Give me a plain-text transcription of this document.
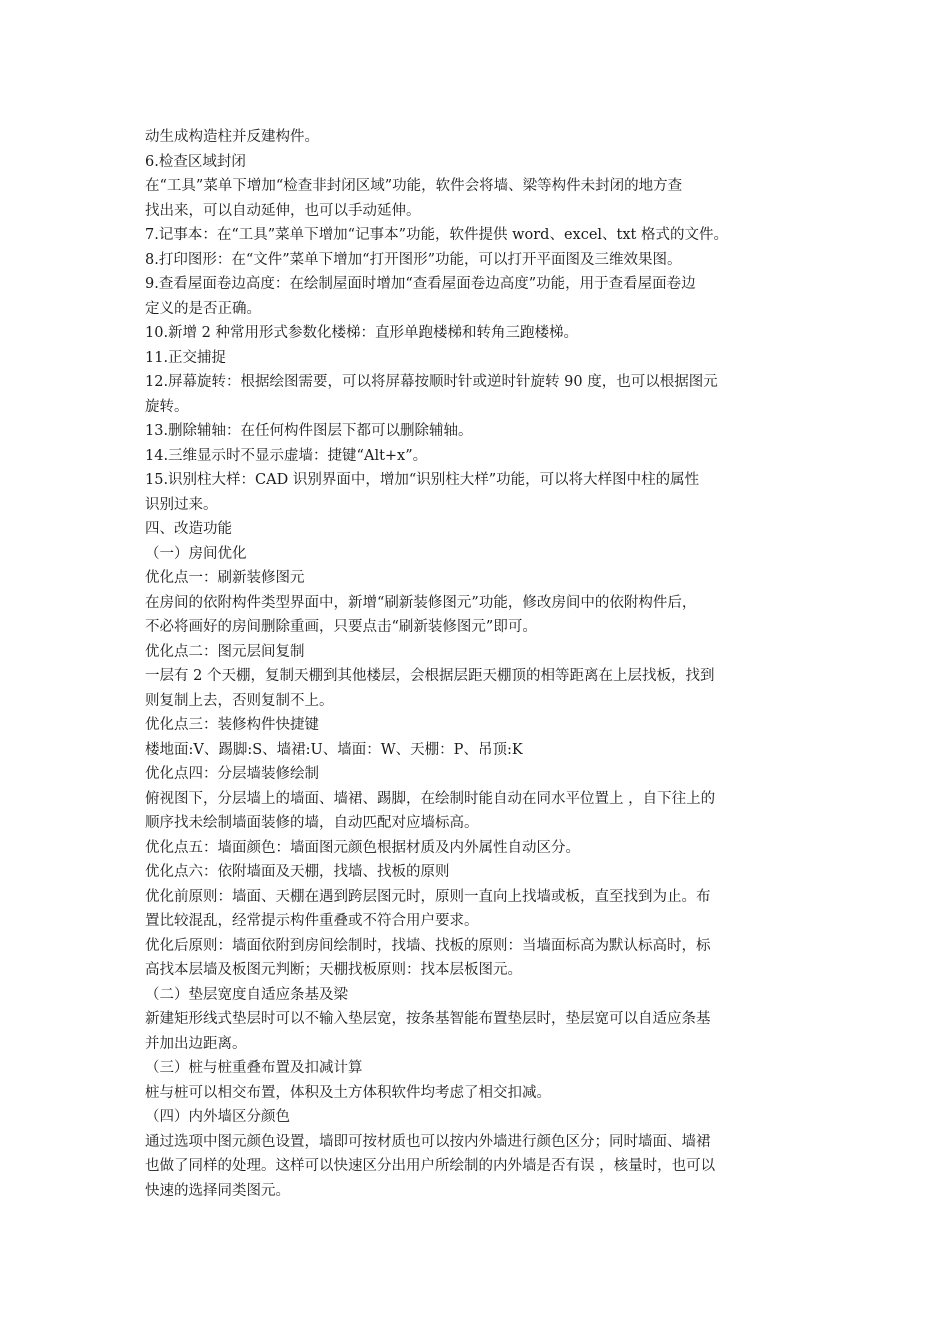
动生成构造柱并反建构件。
6.检查区域封闭
在“工具”菜单下增加“检查非封闭区域”功能，软件会将墙、梁等构件未封闭的地方查
找出来，可以自动延伸，也可以手动延伸。
7.记事本：在“工具”菜单下增加“记事本”功能，软件提供 word、excel、txt 格式的文件。
8.打印图形：在“文件”菜单下增加“打开图形”功能，可以打开平面图及三维效果图。
9.查看屋面卷边高度：在绘制屋面时增加“查看屋面卷边高度”功能，用于查看屋面卷边
定义的是否正确。
10.新增 2 种常用形式参数化楼梯：直形单跑楼梯和转角三跑楼梯。
11.正交捕捉
12.屏幕旋转：根据绘图需要，可以将屏幕按顺时针或逆时针旋转 90 度，也可以根据图元
旋转。
13.删除辅轴：在任何构件图层下都可以删除辅轴。
14.三维显示时不显示虚墙：捷键“Alt+x”。
15.识别柱大样：CAD 识别界面中，增加“识别柱大样”功能，可以将大样图中柱的属性
识别过来。
四、改造功能
（一）房间优化
优化点一：刷新装修图元
在房间的依附构件类型界面中，新增“刷新装修图元”功能，修改房间中的依附构件后，
不必将画好的房间删除重画，只要点击“刷新装修图元”即可。
优化点二：图元层间复制
一层有 2 个天棚，复制天棚到其他楼层，会根据层距天棚顶的相等距离在上层找板，找到
则复制上去，否则复制不上。
优化点三：装修构件快捷键
楼地面:V、踢脚:S、墙裙:U、墙面：W、天棚：P、吊顶:K
优化点四：分层墙装修绘制
俯视图下，分层墙上的墙面、墙裙、踢脚，在绘制时能自动在同水平位置上 ，自下往上的
顺序找未绘制墙面装修的墙，自动匹配对应墙标高。
优化点五：墙面颜色：墙面图元颜色根据材质及内外属性自动区分。
优化点六：依附墙面及天棚，找墙、找板的原则
优化前原则：墙面、天棚在遇到跨层图元时，原则一直向上找墙或板，直至找到为止。布
置比较混乱，经常提示构件重叠或不符合用户要求。
优化后原则：墙面依附到房间绘制时，找墙、找板的原则：当墙面标高为默认标高时，标
高找本层墙及板图元判断；天棚找板原则：找本层板图元。
（二）垫层宽度自适应条基及梁
新建矩形线式垫层时可以不输入垫层宽，按条基智能布置垫层时，垫层宽可以自适应条基
并加出边距离。
（三）桩与桩重叠布置及扣减计算
桩与桩可以相交布置，体积及土方体积软件均考虑了相交扣减。
（四）内外墙区分颜色
通过选项中图元颜色设置，墙即可按材质也可以按内外墙进行颜色区分；同时墙面、墙裙
也做了同样的处理。这样可以快速区分出用户所绘制的内外墙是否有误 ，核量时，也可以
快速的选择同类图元。
